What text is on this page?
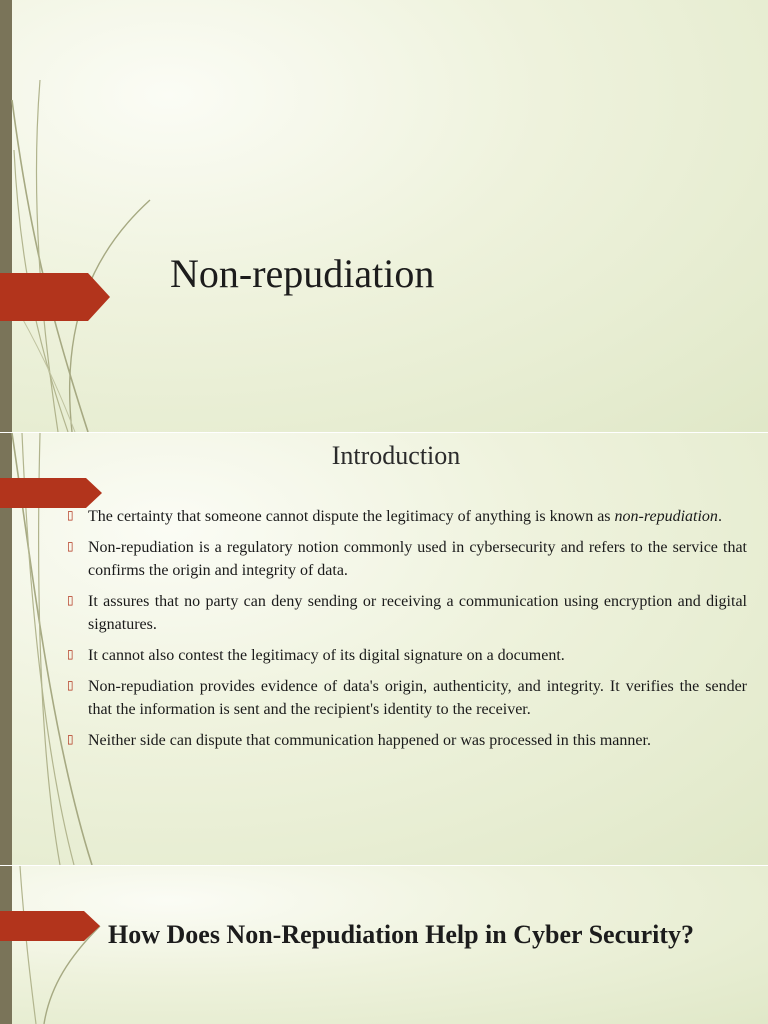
Non-repudiation
Introduction
▯ The certainty that someone cannot dispute the legitimacy of anything is known as non-repudiation.
▯ Non-repudiation is a regulatory notion commonly used in cybersecurity and refers to the service that confirms the origin and integrity of data.
▯ It assures that no party can deny sending or receiving a communication using encryption and digital signatures.
▯ It cannot also contest the legitimacy of its digital signature on a document.
▯ Non-repudiation provides evidence of data's origin, authenticity, and integrity. It verifies the sender that the information is sent and the recipient's identity to the receiver.
▯ Neither side can dispute that communication happened or was processed in this manner.
How Does Non-Repudiation Help in Cyber Security?
